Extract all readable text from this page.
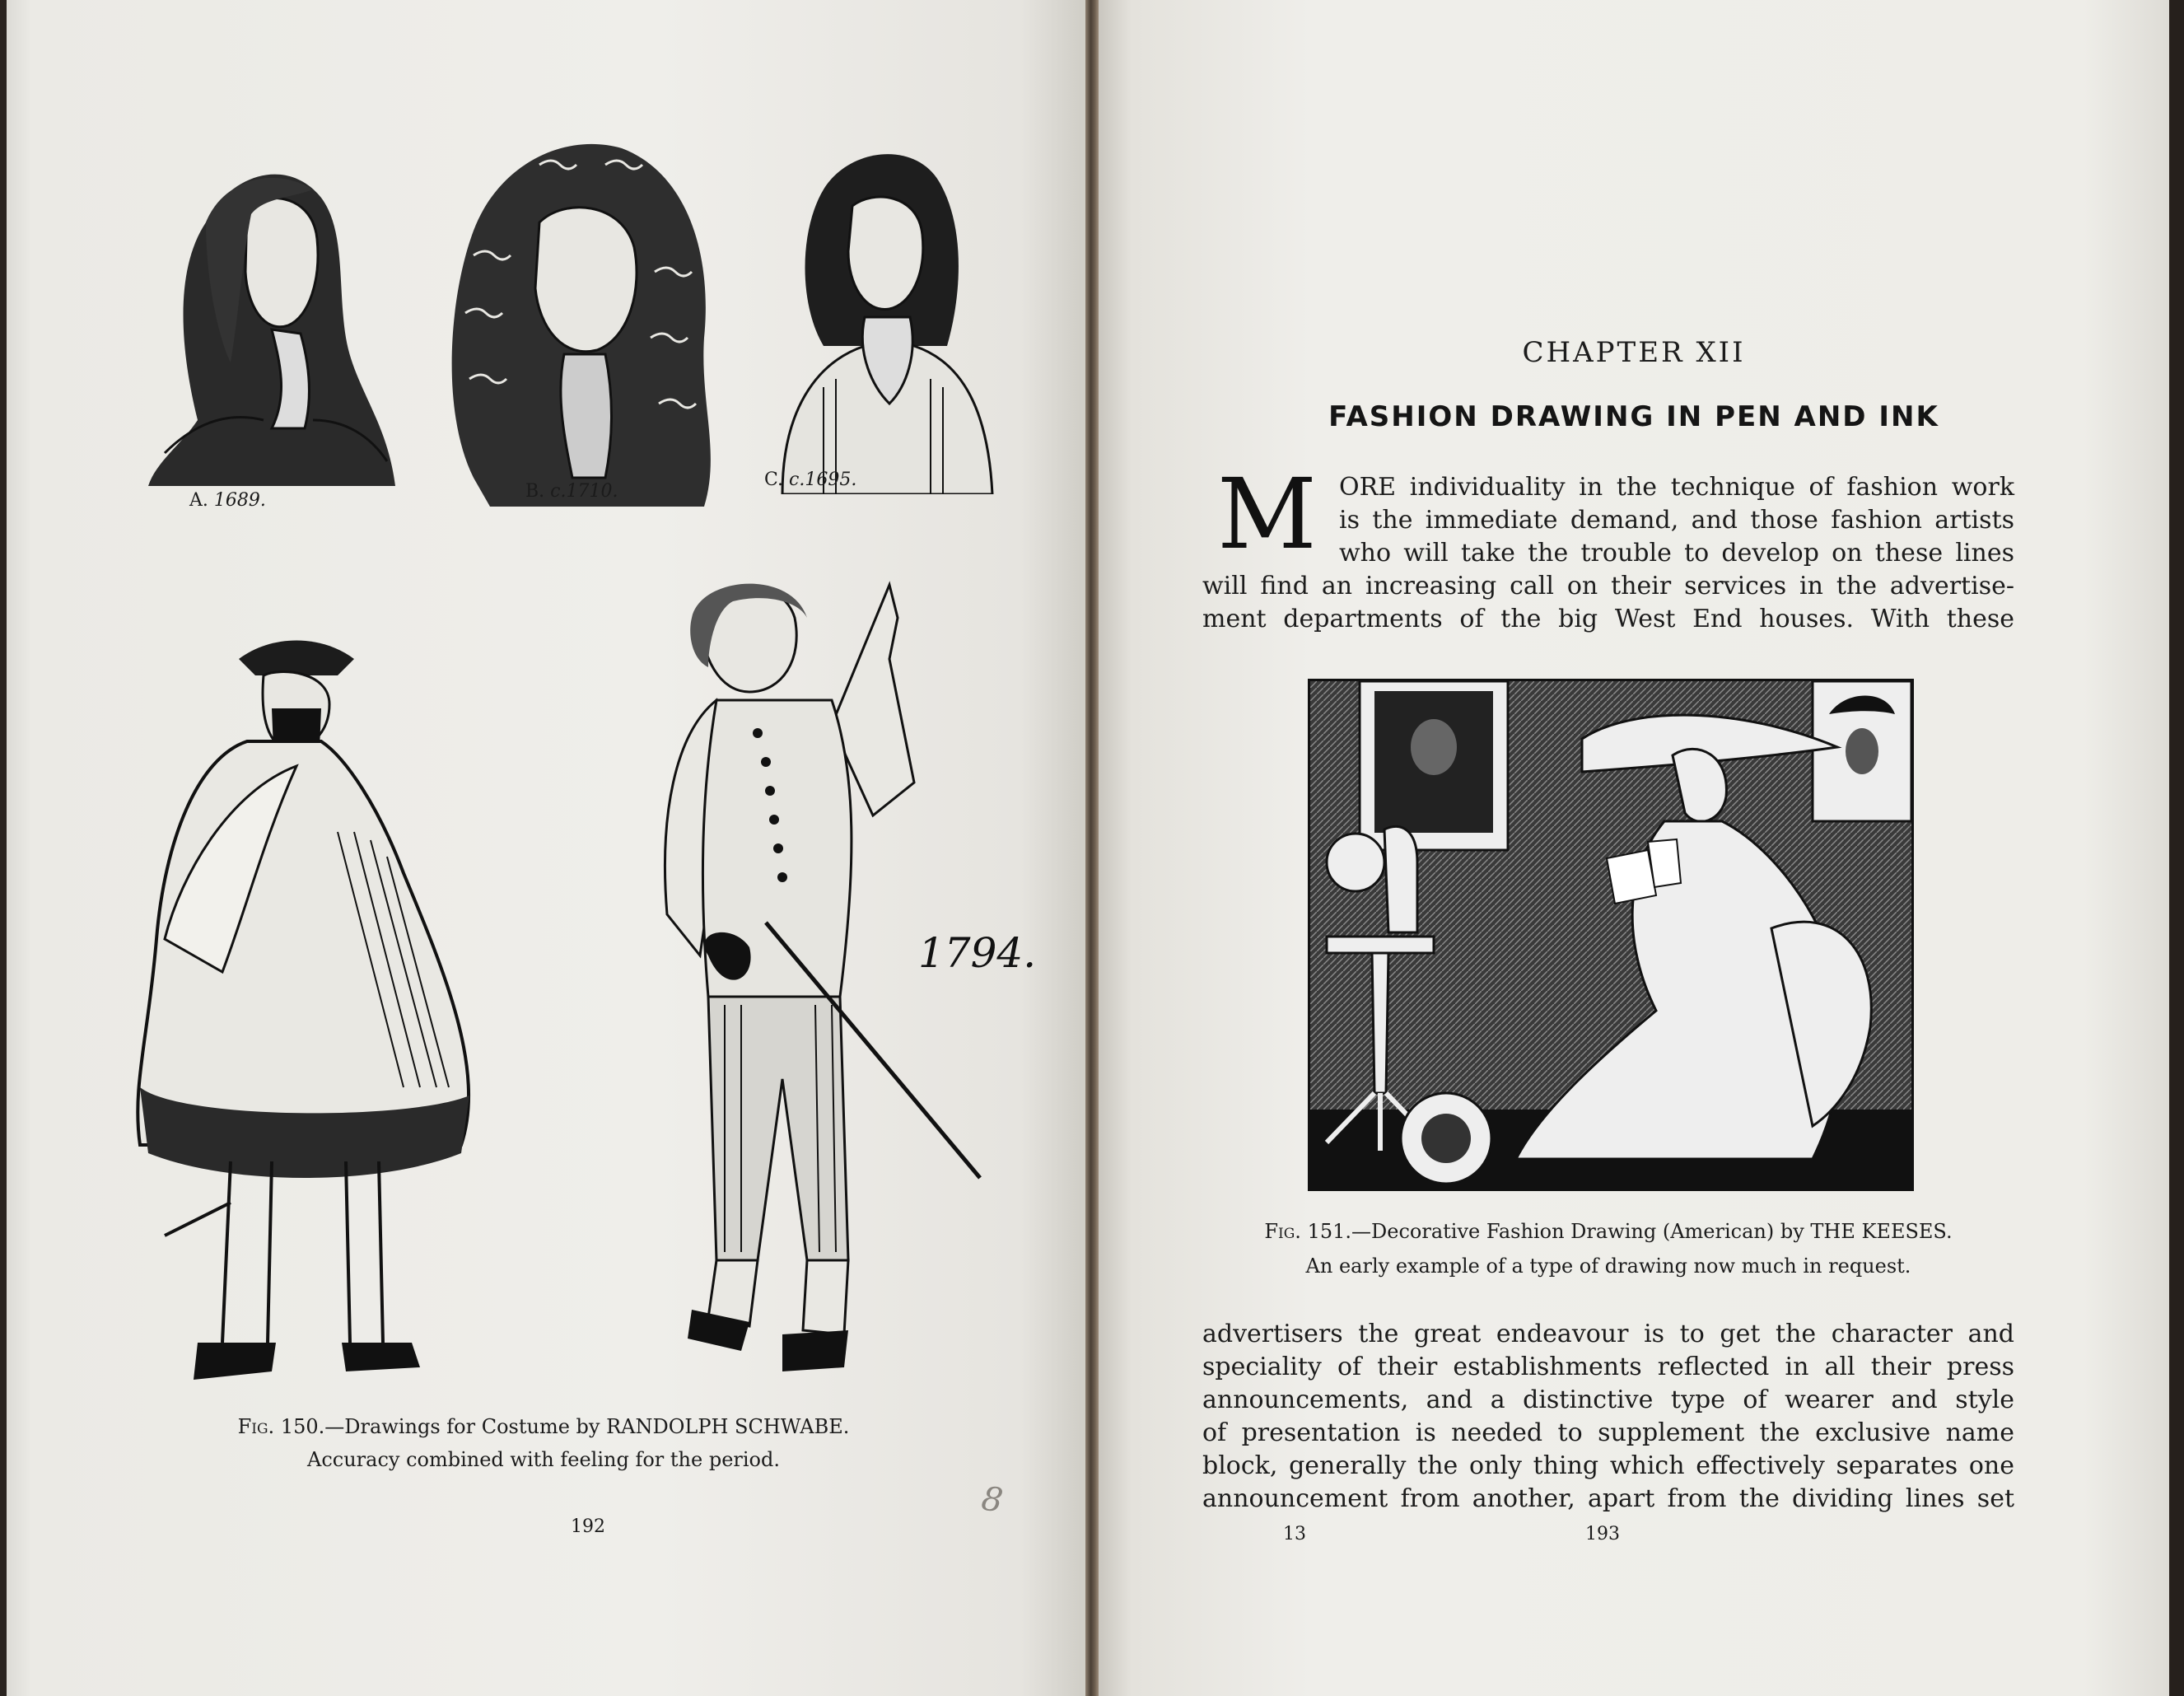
A. 1689.	B. c.1710.
C. c.1695.
1794.
Fig. 150.—Drawings for Costume by RANDOLPH SCHWABE.
Accuracy combined with feeling for the period.
192
8
CHAPTER XII
FASHION DRAWING IN PEN AND INK
M ORE individuality in the technique of fashion work
is the immediate demand, and those fashion artists
who will take the trouble to develop on these lines
will find an increasing call on their services in the advertise-
ment departments of the big West End houses. With these
Fig. 151.—Decorative Fashion Drawing (American) by THE KEESES.
An early example of a type of drawing now much in request.
advertisers the great endeavour is to get the character and
speciality of their establishments reflected in all their press
announcements, and a distinctive type of wearer and style
of presentation is needed to supplement the exclusive name
block, generally the only thing which effectively separates one
announcement from another, apart from the dividing lines set
13	193
